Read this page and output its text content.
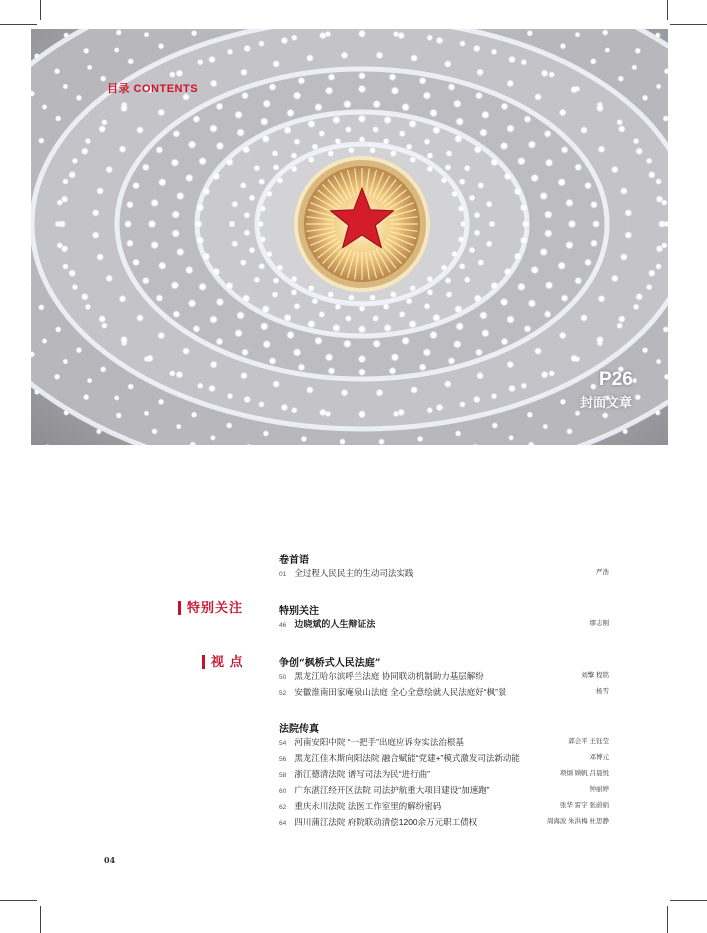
目录 CONTENTS
P26
封面文章
特别关注
视 点
卷首语
01 全过程人民民主的生动司法实践	严浩
特别关注
46 边晓斌的人生辩证法	缪志刚
争创“枫桥式人民法庭”
50 黑龙江哈尔滨呼兰法庭 协同联动机制助力基层解纷	刘擎 程铭
52 安徽淮南田家庵泉山法庭 全心全意绘就人民法庭好“枫”景	杨雪
法院传真
54 河南安阳中院 “一把手”出庭应诉夯实法治根基	郭会平 王钰莹
56 黑龙江佳木斯向阳法院 融合赋能“党建+”模式激发司法新动能	邓博元
58 浙江德清法院 谱写司法为民“进行曲”	项炯 顾帆 吕晨悦
60 广东湛江经开区法院 司法护航重大项目建设“加速跑”	钟丽婷
62 重庆永川法院 法医工作室里的解纷密码	张华 雷宇 张蔚娟
64 四川蒲江法院 府院联动清偿1200余万元职工债权	周海波 朱洪梅 杜思静
04
